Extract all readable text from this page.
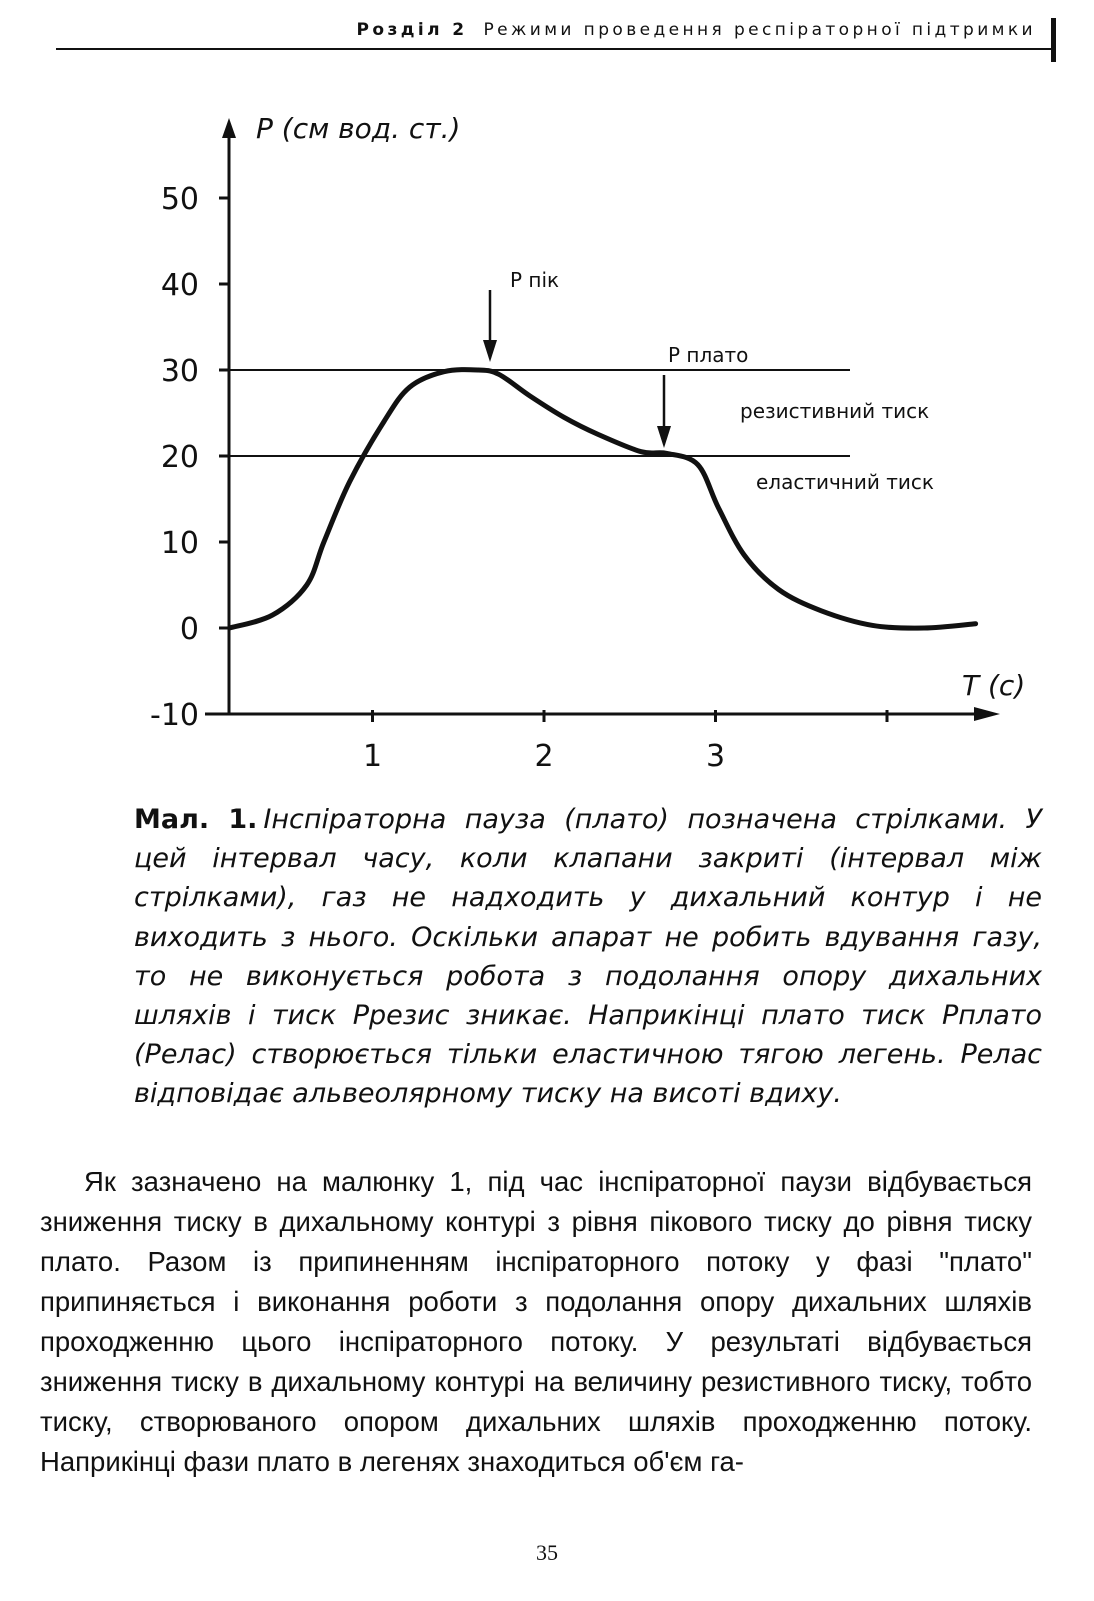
Розділ 2 Режими проведення респіраторної підтримки
50
40
30
20
10
0
-10
1	2	3
P (см вод. ст.)
T (c)
P пік
P плато
резистивний тиск
еластичний тиск
Мал. 1. Інспіраторна пауза (плато) позначена стрілками. У цей інтервал часу, коли клапани закриті (інтервал між стрілками), газ не надходить у дихальний контур і не виходить з нього. Оскільки апарат не робить вдування газу, то не виконується робота з подолання опору дихальних шляхів і тиск Pрезис зникає. Наприкінці плато тиск Pплато (Pелас) створюється тільки еластичною тягою легень. Pелас відповідає альвеолярному тиску на висоті вдиху.
Як зазначено на малюнку 1, під час інспіраторної паузи відбувається зниження тиску в дихальному контурі з рівня пікового тиску до рівня тиску плато. Разом із припиненням інспіраторного потоку у фазі "плато" припиняється і виконання роботи з подолання опору дихальних шляхів проходженню цього інспіраторного потоку. У результаті відбувається зниження тиску в дихальному контурі на величину резистивного тиску, тобто тиску, створюваного опором дихальних шляхів проходженню потоку. Наприкінці фази плато в легенях знаходиться об'єм га-
35
